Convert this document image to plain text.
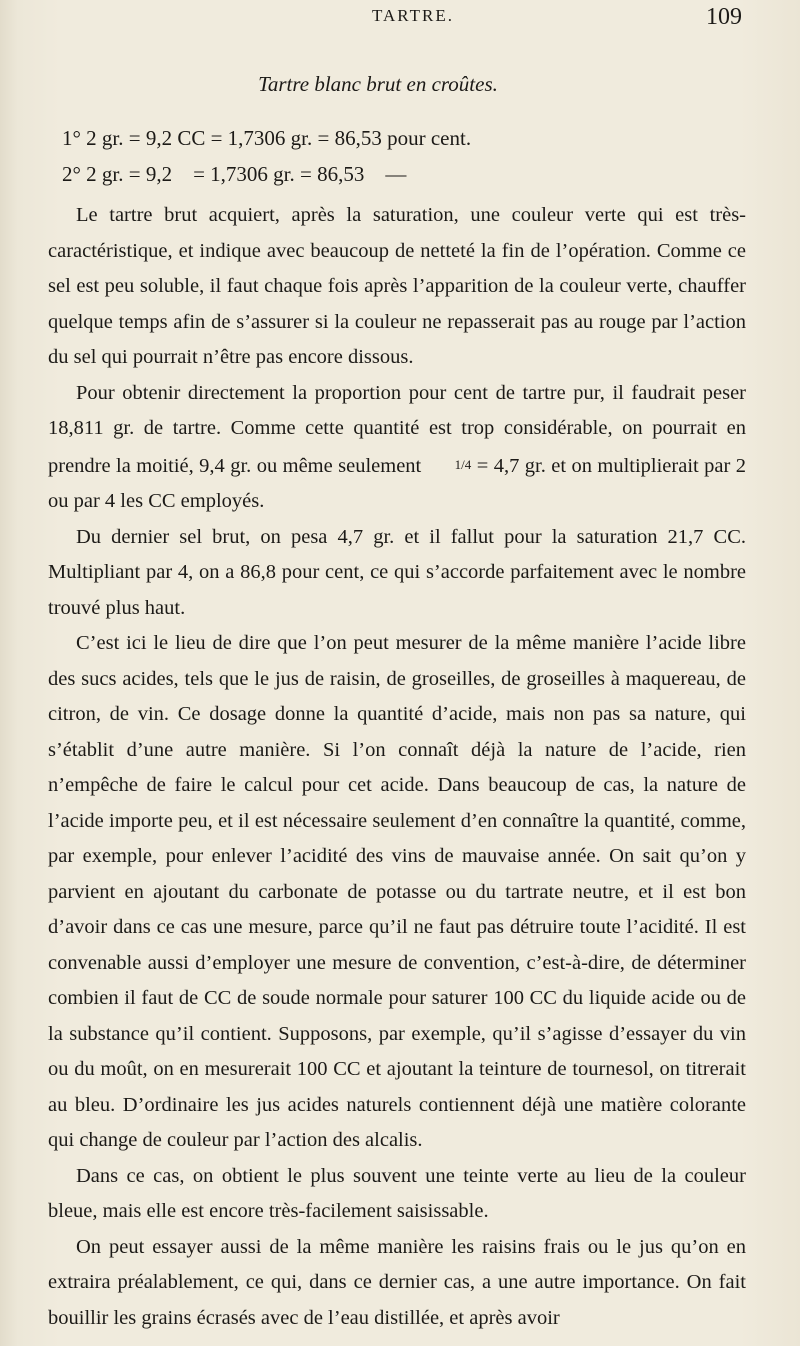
TARTRE.	109
Tartre blanc brut en croûtes.
1° 2 gr. = 9,2 CC = 1,7306 gr. = 86,53 pour cent.
2° 2 gr. = 9,2    = 1,7306 gr. = 86,53    —

Le tartre brut acquiert, après la saturation, une couleur verte qui est très-caractéristique, et indique avec beaucoup de netteté la fin de l’opération. Comme ce sel est peu soluble, il faut chaque fois après l’apparition de la couleur verte, chauffer quelque temps afin de s’assurer si la couleur ne repasserait pas au rouge par l’action du sel qui pourrait n’être pas encore dissous.

Pour obtenir directement la proportion pour cent de tartre pur, il faudrait peser 18,811 gr. de tartre. Comme cette quantité est trop considérable, on pourrait en prendre la moitié, 9,4 gr. ou même seulement	1/4 = 4,7 gr. et on multiplierait par 2 ou par 4 les CC employés.

Du dernier sel brut, on pesa 4,7 gr. et il fallut pour la saturation 21,7 CC. Multipliant par 4, on a 86,8 pour cent, ce qui s’accorde parfaitement avec le nombre trouvé plus haut.

C’est ici le lieu de dire que l’on peut mesurer de la même manière l’acide libre des sucs acides, tels que le jus de raisin, de groseilles, de groseilles à maquereau, de citron, de vin. Ce dosage donne la quantité d’acide, mais non pas sa nature, qui s’établit d’une autre manière. Si l’on connaît déjà la nature de l’acide, rien n’empêche de faire le calcul pour cet acide. Dans beaucoup de cas, la nature de l’acide importe peu, et il est nécessaire seulement d’en connaître la quantité, comme, par exemple, pour enlever l’acidité des vins de mauvaise année. On sait qu’on y parvient en ajoutant du carbonate de potasse ou du tartrate neutre, et il est bon d’avoir dans ce cas une mesure, parce qu’il ne faut pas détruire toute l’acidité. Il est convenable aussi d’employer une mesure de convention, c’est-à-dire, de déterminer combien il faut de CC de soude normale pour saturer 100 CC du liquide acide ou de la substance qu’il contient. Supposons, par exemple, qu’il s’agisse d’essayer du vin ou du moût, on en mesurerait 100 CC et ajoutant la teinture de tournesol, on titrerait au bleu. D’ordinaire les jus acides naturels contiennent déjà une matière colorante qui change de couleur par l’action des alcalis.

Dans ce cas, on obtient le plus souvent une teinte verte au lieu de la couleur bleue, mais elle est encore très-facilement saisissable.

On peut essayer aussi de la même manière les raisins frais ou le jus qu’on en extraira préalablement, ce qui, dans ce dernier cas, a une autre importance. On fait bouillir les grains écrasés avec de l’eau distillée, et après avoir
